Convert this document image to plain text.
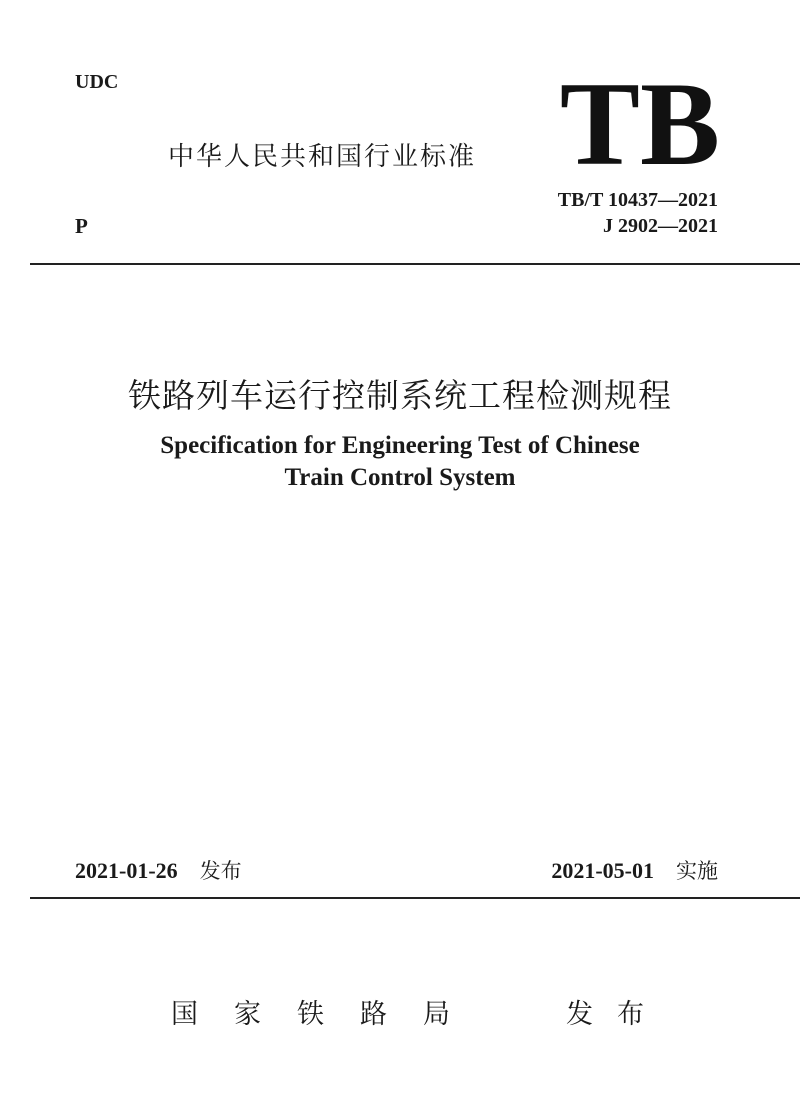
UDC

中华人民共和国行业标准 TB

TB/T 10437—2021

J 2902—2021

P

铁路列车运行控制系统工程检测规程

Specification for Engineering Test of Chinese

Train Control System

2021-01-26 发布	2021-05-01 实施

国家铁路局	发布
